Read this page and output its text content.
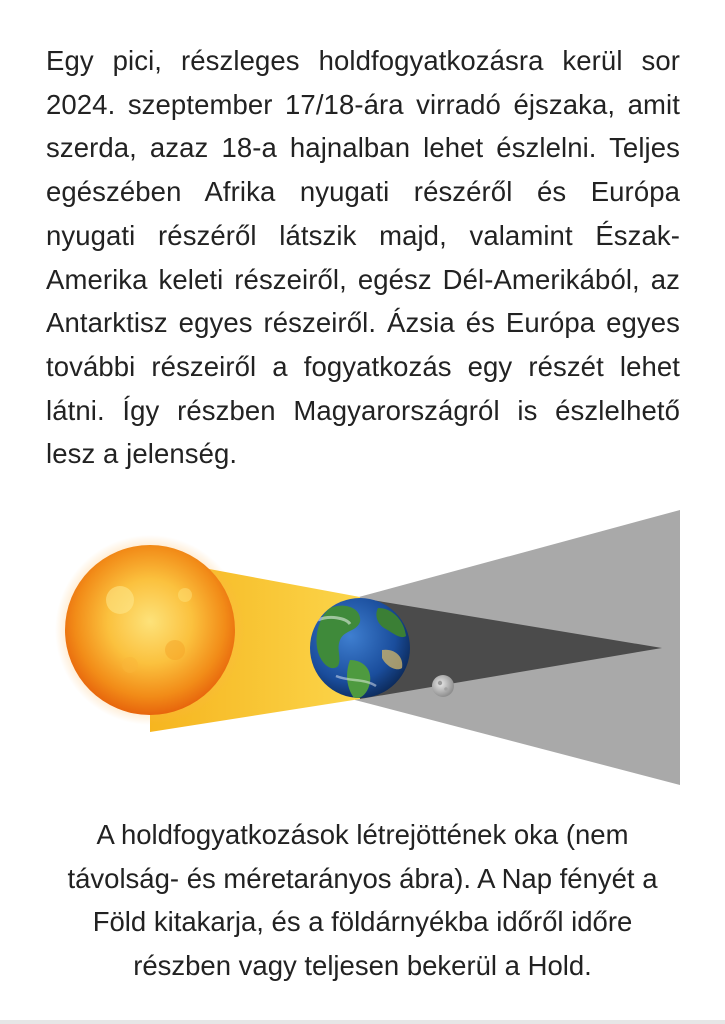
Egy pici, részleges holdfogyatkozásra kerül sor 2024. szeptember 17/18-ára virradó éjszaka, amit szerda, azaz 18-a hajnalban lehet észlelni. Teljes egészében Afrika nyugati részéről és Európa nyugati részéről látszik majd, valamint Észak-Amerika keleti részeiről, egész Dél-Amerikából, az Antarktisz egyes részeiről. Ázsia és Európa egyes további részeiről a fogyatkozás egy részét lehet látni. Így részben Magyarországról is észlelhető lesz a jelenség.

A holdfogyatkozások létrejöttének oka (nem távolság- és méretarányos ábra). A Nap fényét a Föld kitakarja, és a földárnyékba időről időre részben vagy teljesen bekerül a Hold.
